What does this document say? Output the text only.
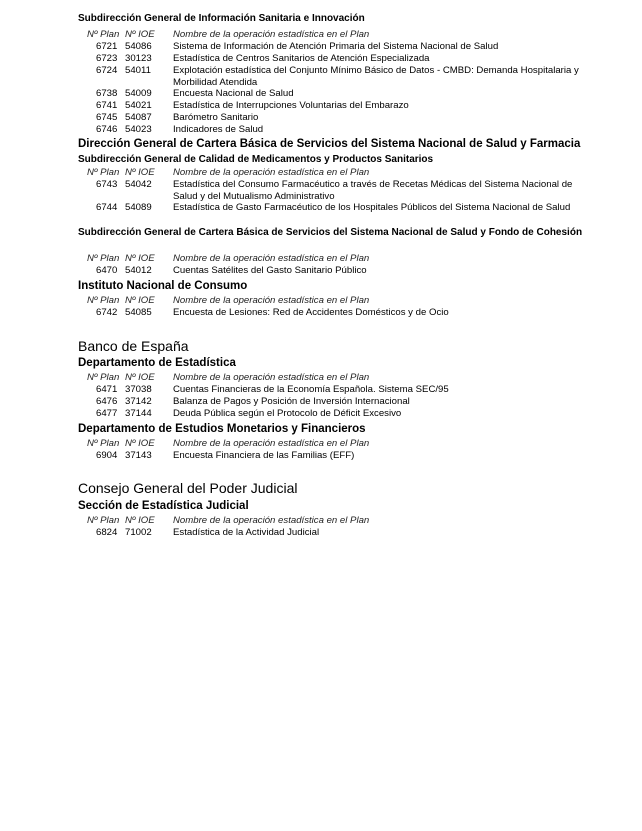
Subdirección General de Información Sanitaria e Innovación
Nº Plan Nº IOE	Nombre de la operación estadística en el Plan
6721 54086	Sistema de Información de Atención Primaria del Sistema Nacional de Salud
6723 30123	Estadística de Centros Sanitarios de Atención Especializada
6724 54011	Explotación estadística del Conjunto Mínimo Básico de Datos - CMBD: Demanda Hospitalaria y Morbilidad Atendida
6738 54009	Encuesta Nacional de Salud
6741 54021	Estadística de Interrupciones Voluntarias del Embarazo
6745 54087	Barómetro Sanitario
6746 54023	Indicadores de Salud
Dirección General de Cartera Básica de Servicios del Sistema Nacional de Salud y Farmacia
Subdirección General de Calidad de Medicamentos y Productos Sanitarios
Nº Plan Nº IOE	Nombre de la operación estadística en el Plan
6743 54042	Estadística del Consumo Farmacéutico a través de Recetas Médicas del Sistema Nacional de Salud y del Mutualismo Administrativo
6744 54089	Estadística de Gasto Farmacéutico de los Hospitales Públicos del Sistema Nacional de Salud
Subdirección General de Cartera Básica de Servicios del Sistema Nacional de Salud y Fondo de Cohesión
Nº Plan Nº IOE	Nombre de la operación estadística en el Plan
6470 54012	Cuentas Satélites del Gasto Sanitario Público
Instituto Nacional de Consumo
Nº Plan Nº IOE	Nombre de la operación estadística en el Plan
6742 54085	Encuesta de Lesiones: Red de Accidentes Domésticos y de Ocio
Banco de España
Departamento de Estadística
Nº Plan Nº IOE	Nombre de la operación estadística en el Plan
6471 37038	Cuentas Financieras de la Economía Española. Sistema SEC/95
6476 37142	Balanza de Pagos y Posición de Inversión Internacional
6477 37144	Deuda Pública según el Protocolo de Déficit Excesivo
Departamento de Estudios Monetarios y Financieros
Nº Plan Nº IOE	Nombre de la operación estadística en el Plan
6904 37143	Encuesta Financiera de las Familias (EFF)
Consejo General del Poder Judicial
Sección de Estadística Judicial
Nº Plan Nº IOE	Nombre de la operación estadística en el Plan
6824 71002	Estadística de la Actividad Judicial
